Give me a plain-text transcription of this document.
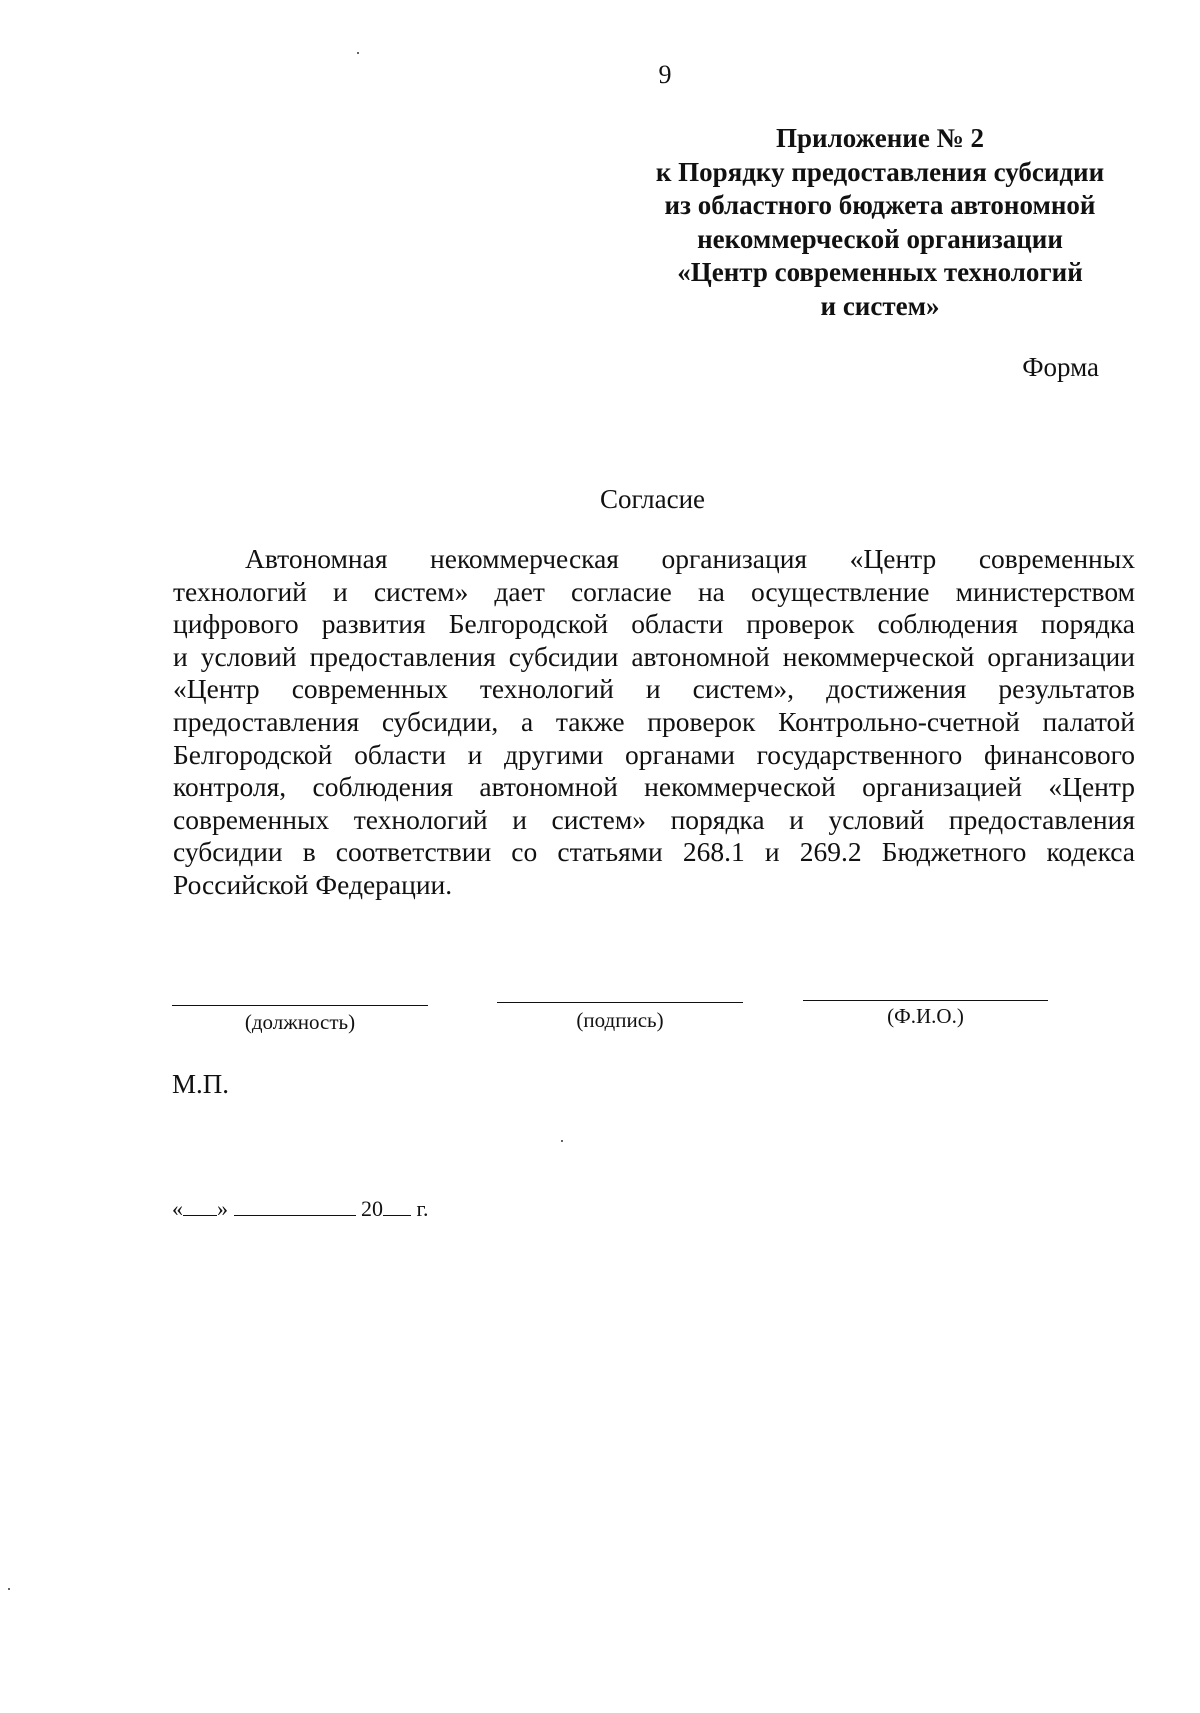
9
Приложение № 2
к Порядку предоставления субсидии
из областного бюджета автономной
некоммерческой организации
«Центр современных технологий
и систем»
Форма
Согласие
Автономная некоммерческая организация «Центр современных
технологий и систем» дает согласие на осуществление министерством
цифрового развития Белгородской области проверок соблюдения порядка
и условий предоставления субсидии автономной некоммерческой организации
«Центр современных технологий и систем», достижения результатов
предоставления субсидии, а также проверок Контрольно-счетной палатой
Белгородской области и другими органами государственного финансового
контроля, соблюдения автономной некоммерческой организацией «Центр
современных технологий и систем» порядка и условий предоставления
субсидии в соответствии со статьями 268.1 и 269.2 Бюджетного кодекса
Российской Федерации.
(должность)	(подпись)	(Ф.И.О.)
М.П.
« »	20 г.
